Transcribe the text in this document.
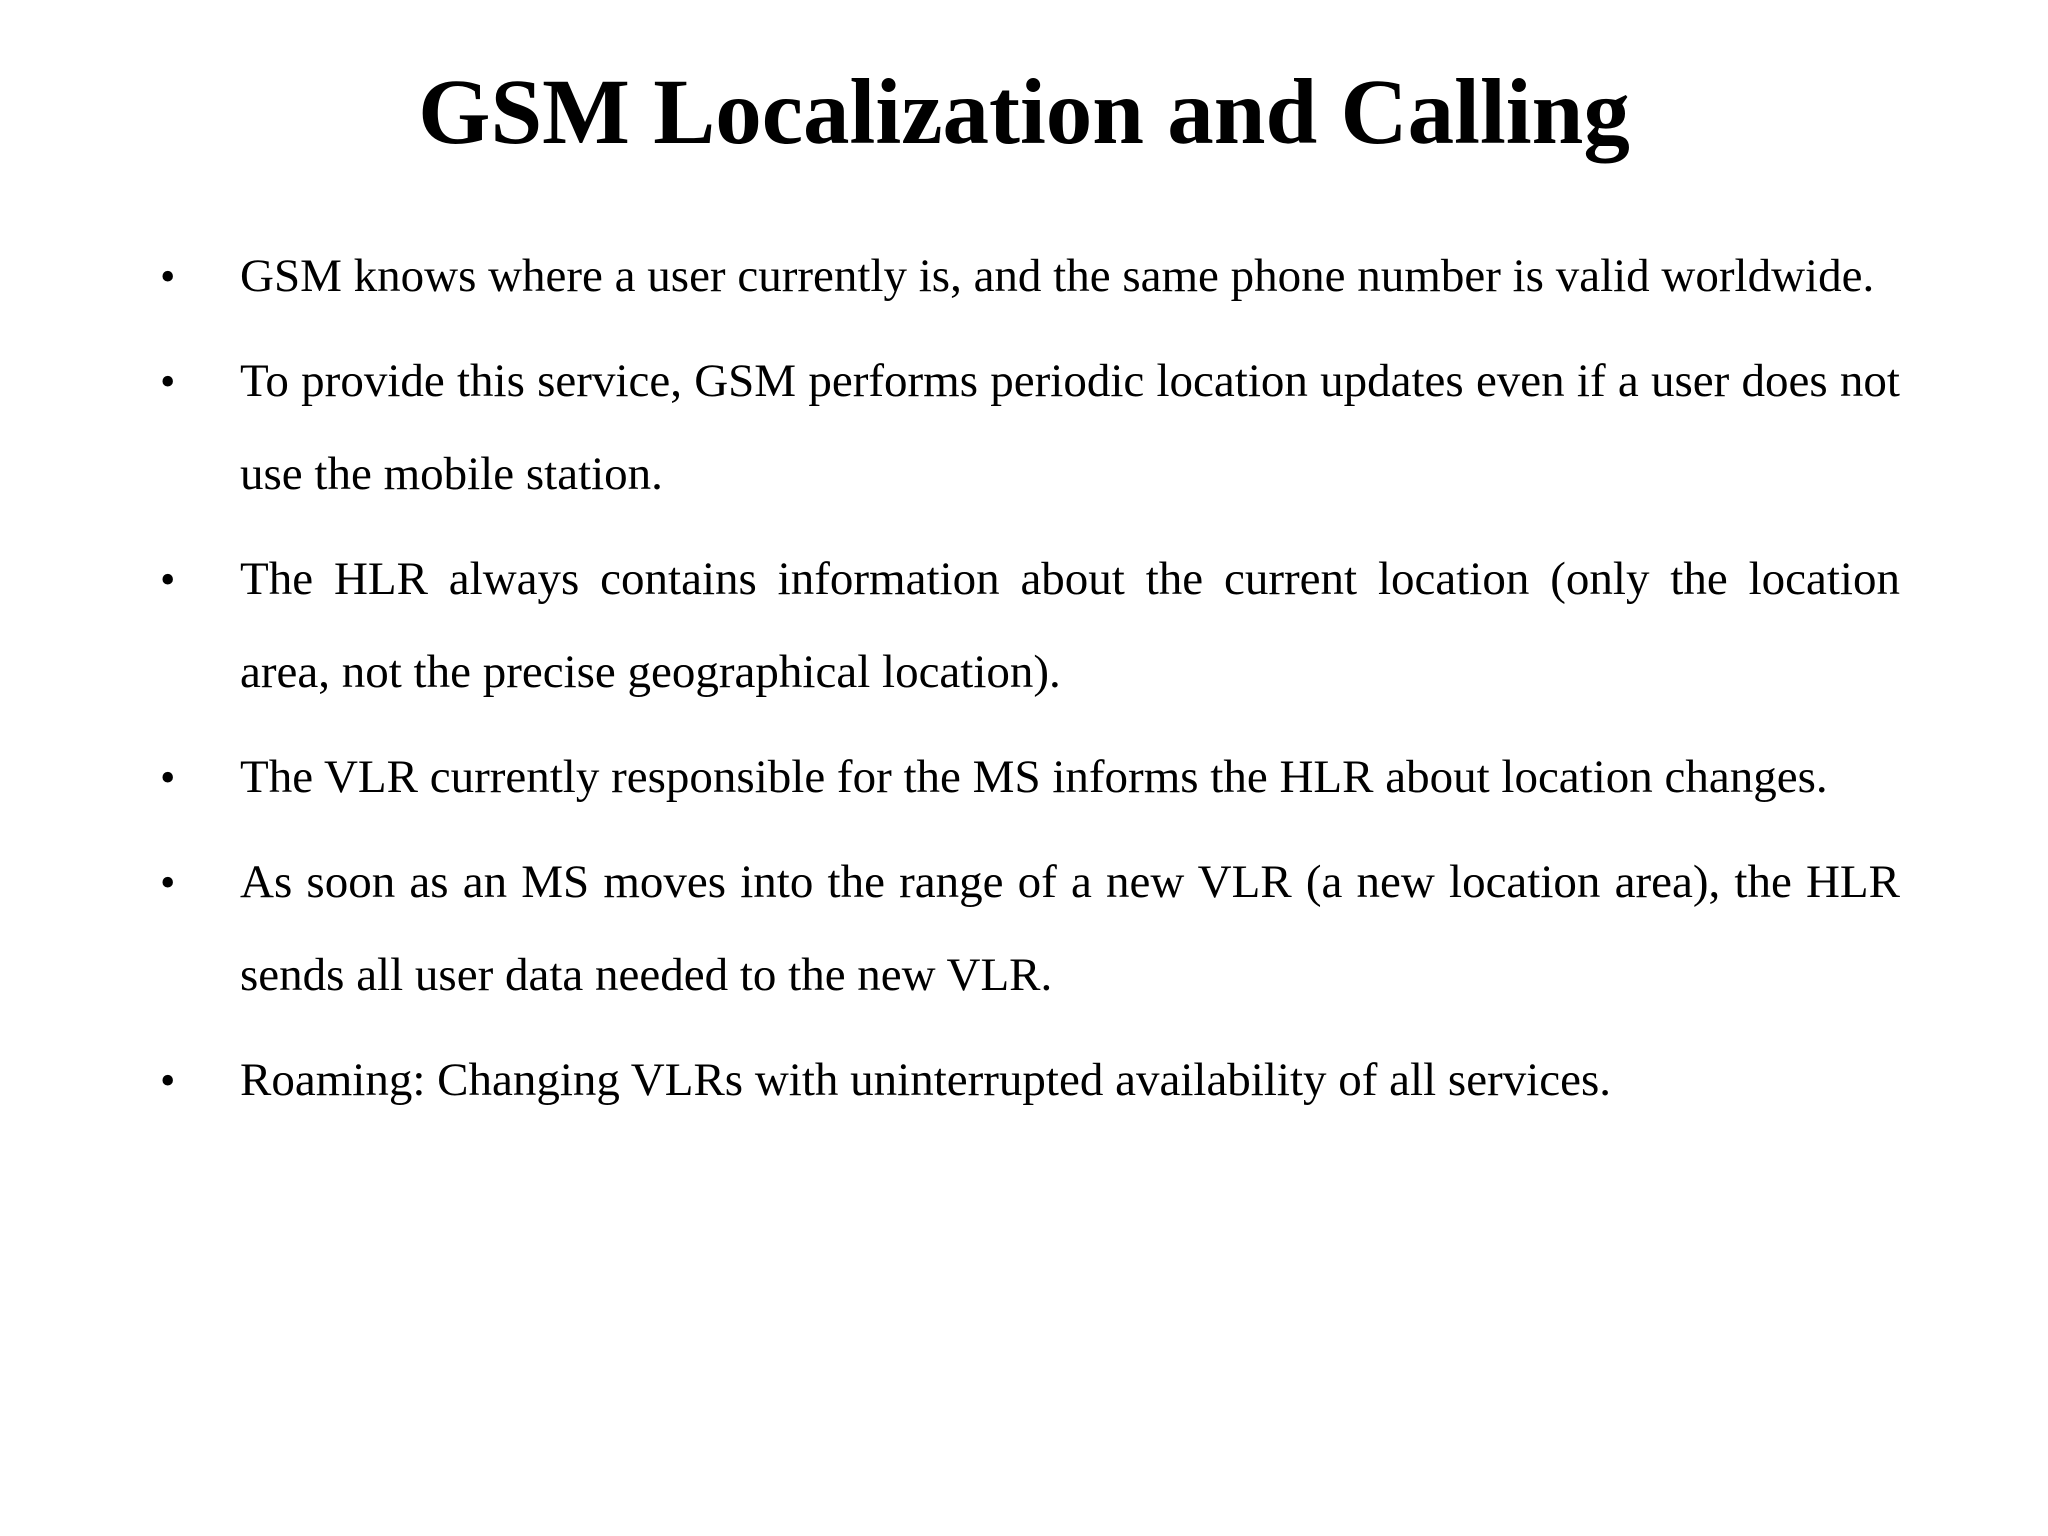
GSM Localization and Calling
• GSM knows where a user currently is, and the same phone number is valid worldwide.
• To provide this service, GSM performs periodic location updates even if a user does not use the mobile station.
• The HLR always contains information about the current location (only the location area, not the precise geographical location).
• The VLR currently responsible for the MS informs the HLR about location changes.
• As soon as an MS moves into the range of a new VLR (a new location area), the HLR sends all user data needed to the new VLR.
• Roaming: Changing VLRs with uninterrupted availability of all services.
